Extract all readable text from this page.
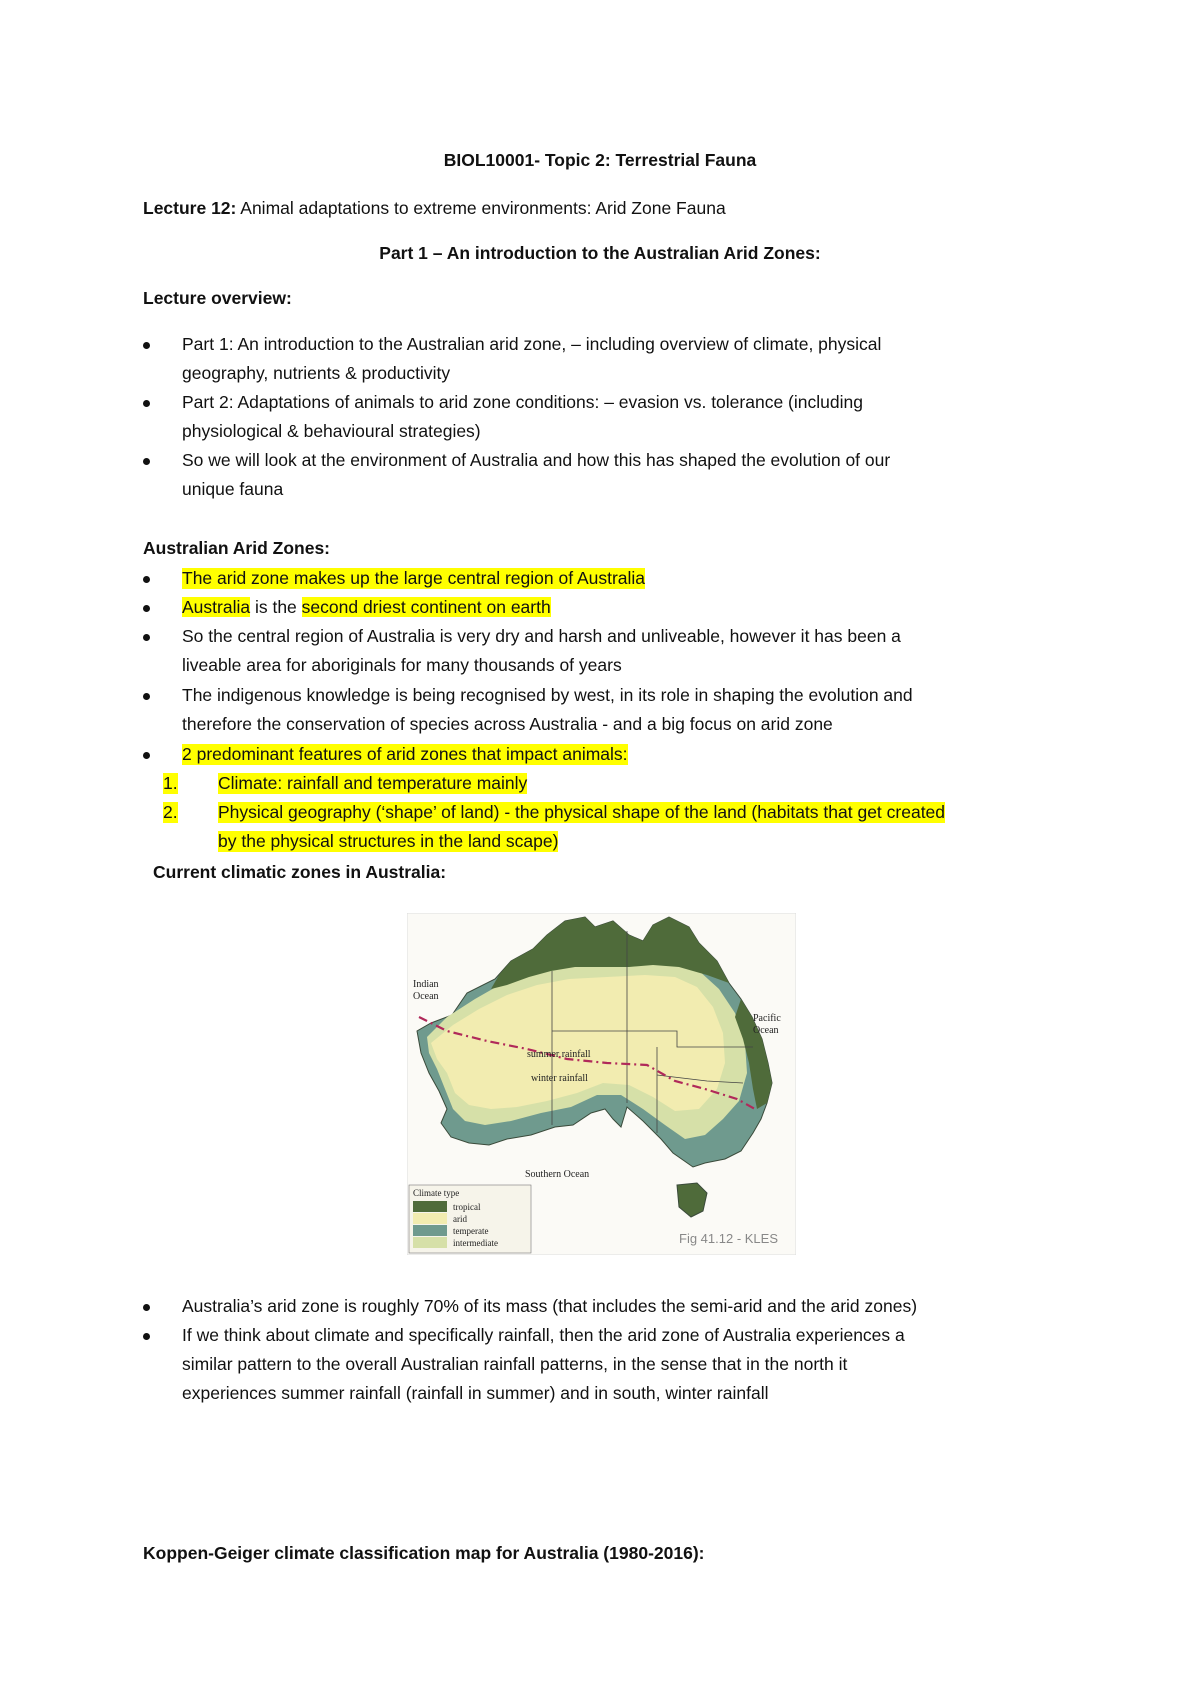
BIOL10001- Topic 2: Terrestrial Fauna
Lecture 12: Animal adaptations to extreme environments: Arid Zone Fauna
Part 1 – An introduction to the Australian Arid Zones:
Lecture overview:
Part 1: An introduction to the Australian arid zone, – including overview of climate, physical
geography, nutrients & productivity
Part 2: Adaptations of animals to arid zone conditions: – evasion vs. tolerance (including
physiological & behavioural strategies)
So we will look at the environment of Australia and how this has shaped the evolution of our
unique fauna
Australian Arid Zones:
The arid zone makes up the large central region of Australia
Australia is the second driest continent on earth
So the central region of Australia is very dry and harsh and unliveable, however it has been a
liveable area for aboriginals for many thousands of years
The indigenous knowledge is being recognised by west, in its role in shaping the evolution and
therefore the conservation of species across Australia - and a big focus on arid zone
2 predominant features of arid zones that impact animals:
1. Climate: rainfall and temperature mainly
2. Physical geography (‘shape’ of land) - the physical shape of the land (habitats that get created
by the physical structures in the land scape)
Current climatic zones in Australia:
Indian
Ocean
Pacific
Ocean
summer rainfall
winter rainfall
Southern Ocean
Climate type
tropical
arid
temperate
intermediate	Fig 41.12 - KLES
Australia’s arid zone is roughly 70% of its mass (that includes the semi-arid and the arid zones)
If we think about climate and specifically rainfall, then the arid zone of Australia experiences a
similar pattern to the overall Australian rainfall patterns, in the sense that in the north it
experiences summer rainfall (rainfall in summer) and in south, winter rainfall
Koppen-Geiger climate classification map for Australia (1980-2016):
